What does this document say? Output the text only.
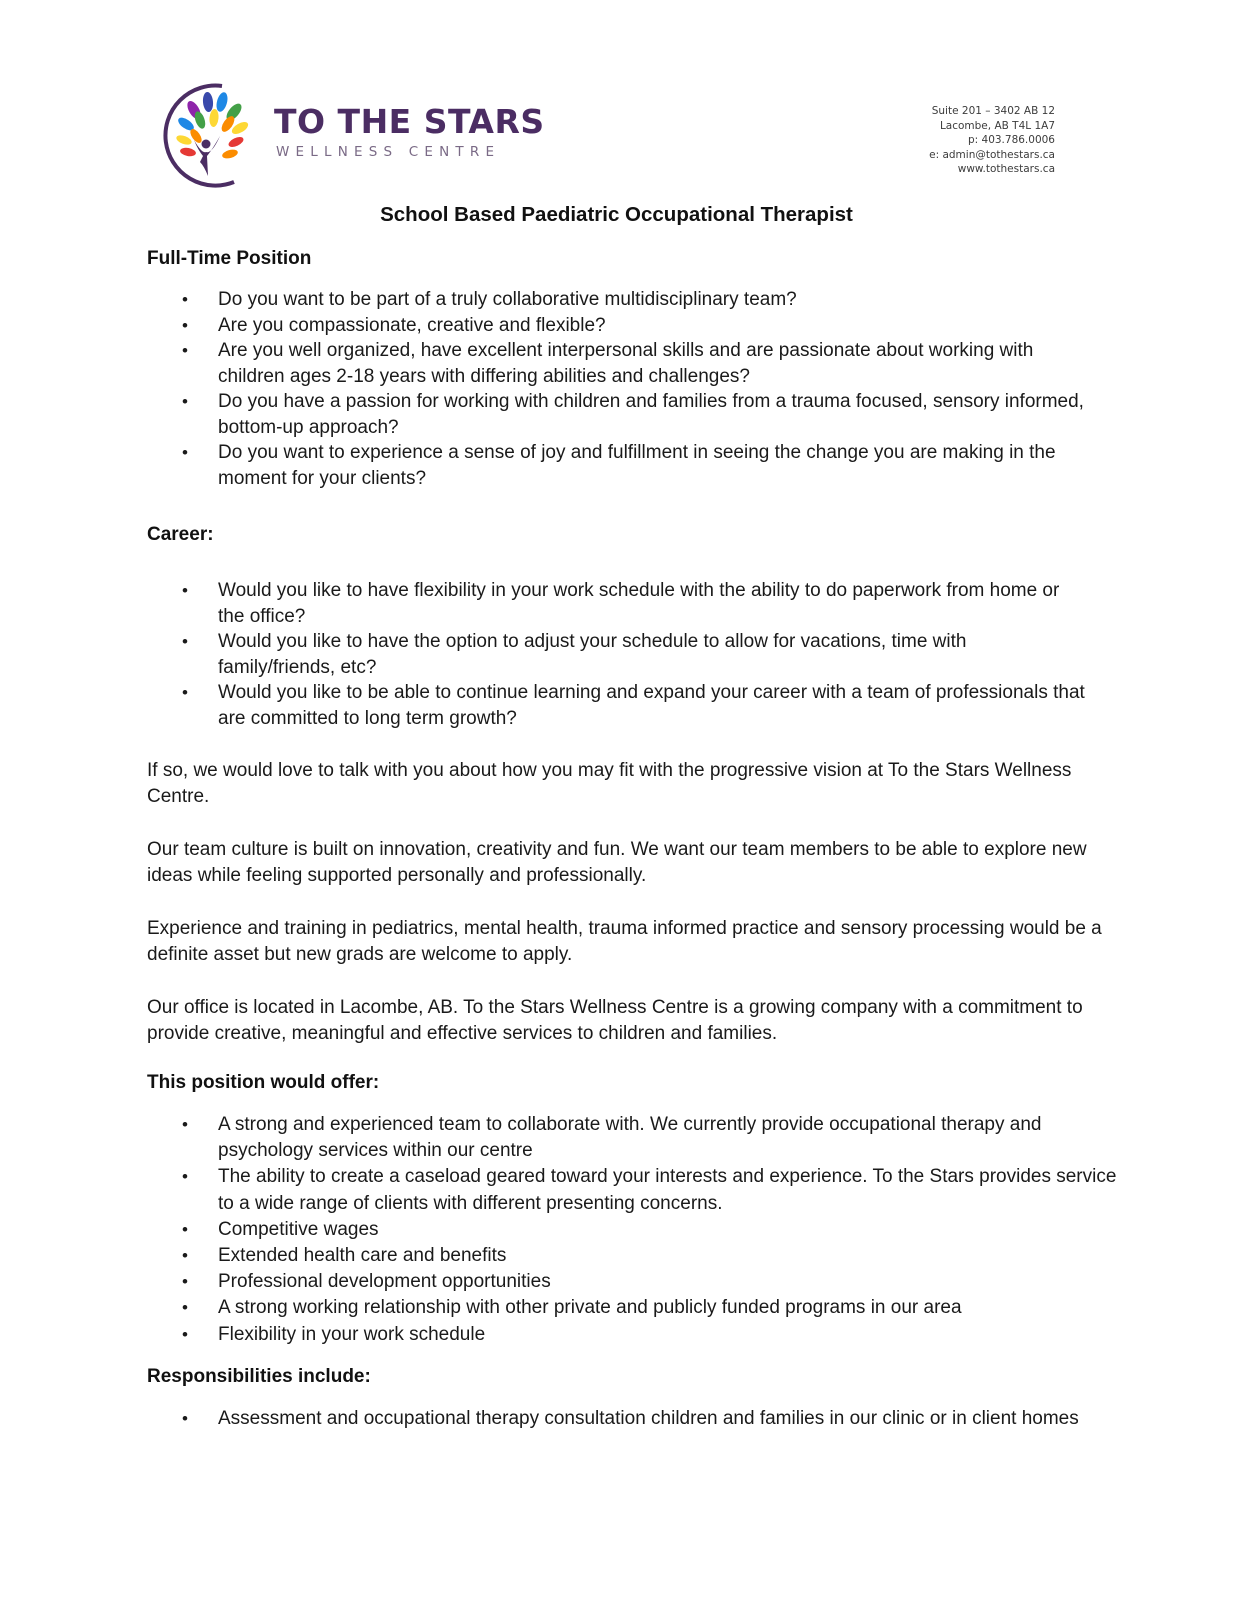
TO THE STARS
WELLNESS CENTRE
Suite 201 – 3402 AB 12
Lacombe, AB T4L 1A7
p: 403.786.0006
e: admin@tothestars.ca
www.tothestars.ca
School Based Paediatric Occupational Therapist
Full-Time Position
• Do you want to be part of a truly collaborative multidisciplinary team?
• Are you compassionate, creative and flexible?
• Are you well organized, have excellent interpersonal skills and are passionate about working with children ages 2-18 years with differing abilities and challenges?
• Do you have a passion for working with children and families from a trauma focused, sensory informed, bottom-up approach?
• Do you want to experience a sense of joy and fulfillment in seeing the change you are making in the moment for your clients?
Career:
• Would you like to have flexibility in your work schedule with the ability to do paperwork from home or the office?
• Would you like to have the option to adjust your schedule to allow for vacations, time with family/friends, etc?
• Would you like to be able to continue learning and expand your career with a team of professionals that are committed to long term growth?
If so, we would love to talk with you about how you may fit with the progressive vision at To the Stars Wellness Centre.
Our team culture is built on innovation, creativity and fun. We want our team members to be able to explore new ideas while feeling supported personally and professionally.
Experience and training in pediatrics, mental health, trauma informed practice and sensory processing would be a definite asset but new grads are welcome to apply.
Our office is located in Lacombe, AB. To the Stars Wellness Centre is a growing company with a commitment to provide creative, meaningful and effective services to children and families.
This position would offer:
• A strong and experienced team to collaborate with. We currently provide occupational therapy and psychology services within our centre
• The ability to create a caseload geared toward your interests and experience. To the Stars provides service to a wide range of clients with different presenting concerns.
• Competitive wages
• Extended health care and benefits
• Professional development opportunities
• A strong working relationship with other private and publicly funded programs in our area
• Flexibility in your work schedule
Responsibilities include:
• Assessment and occupational therapy consultation children and families in our clinic or in client homes
